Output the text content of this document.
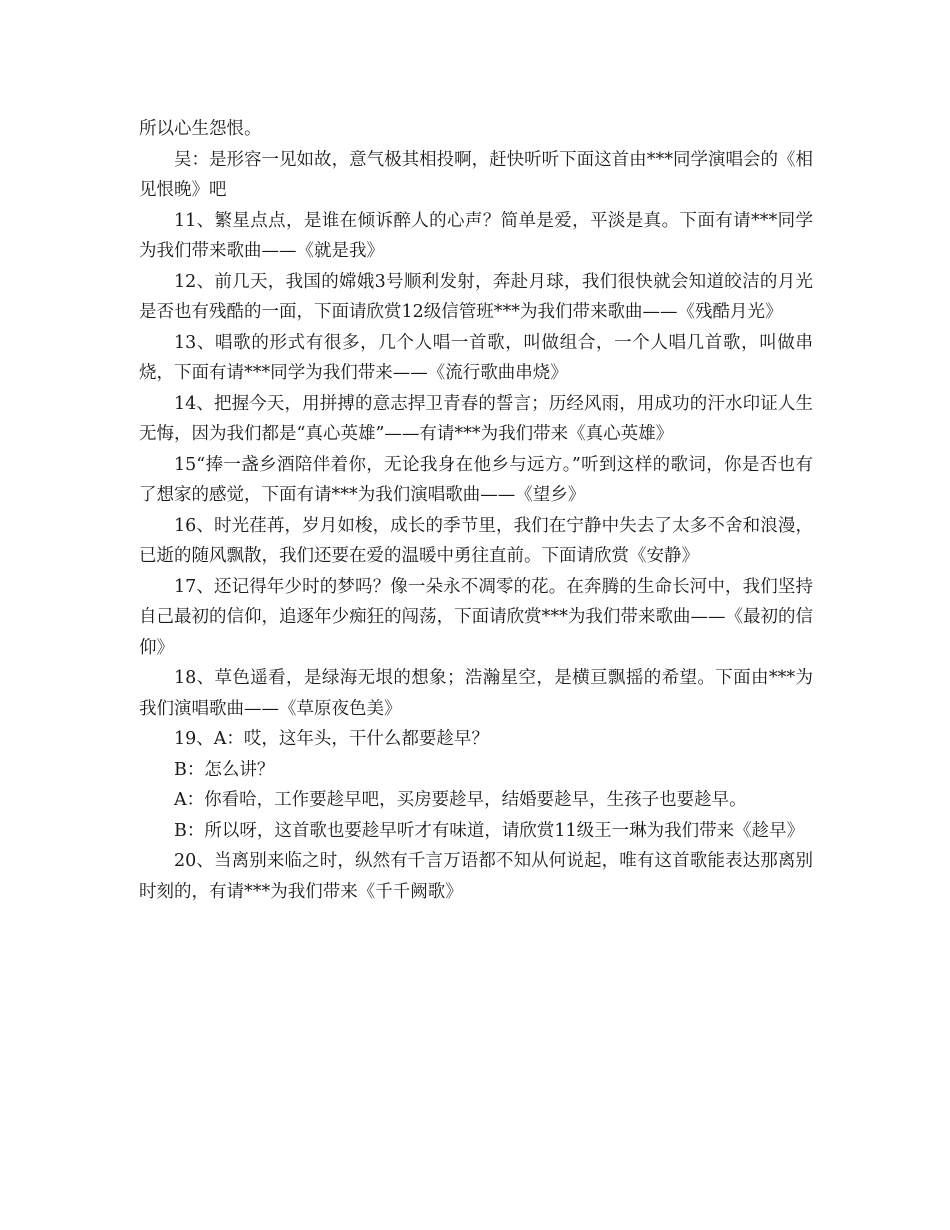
所以心生怨恨。

吴：是形容一见如故，意气极其相投啊，赶快听听下面这首由***同学演唱会的《相见恨晚》吧

11、繁星点点，是谁在倾诉醉人的心声？简单是爱，平淡是真。下面有请***同学为我们带来歌曲——《就是我》

12、前几天，我国的嫦娥3号顺利发射，奔赴月球，我们很快就会知道皎洁的月光是否也有残酷的一面，下面请欣赏12级信管班***为我们带来歌曲——《残酷月光》

13、唱歌的形式有很多，几个人唱一首歌，叫做组合，一个人唱几首歌，叫做串烧，下面有请***同学为我们带来——《流行歌曲串烧》

14、把握今天，用拼搏的意志捍卫青春的誓言；历经风雨，用成功的汗水印证人生无悔，因为我们都是“真心英雄”——有请***为我们带来《真心英雄》

15“捧一盏乡酒陪伴着你，无论我身在他乡与远方。”听到这样的歌词，你是否也有了想家的感觉，下面有请***为我们演唱歌曲——《望乡》

16、时光荏苒，岁月如梭，成长的季节里，我们在宁静中失去了太多不舍和浪漫，已逝的随风飘散，我们还要在爱的温暖中勇往直前。下面请欣赏《安静》

17、还记得年少时的梦吗？像一朵永不凋零的花。在奔腾的生命长河中，我们坚持自己最初的信仰，追逐年少痴狂的闯荡，下面请欣赏***为我们带来歌曲——《最初的信仰》

18、草色遥看，是绿海无垠的想象；浩瀚星空，是横亘飘摇的希望。下面由***为我们演唱歌曲——《草原夜色美》

19、A：哎，这年头，干什么都要趁早？

B：怎么讲？

A：你看哈，工作要趁早吧，买房要趁早，结婚要趁早，生孩子也要趁早。

B：所以呀，这首歌也要趁早听才有味道，请欣赏11级王一琳为我们带来《趁早》

20、当离别来临之时，纵然有千言万语都不知从何说起，唯有这首歌能表达那离别时刻的，有请***为我们带来《千千阙歌》
